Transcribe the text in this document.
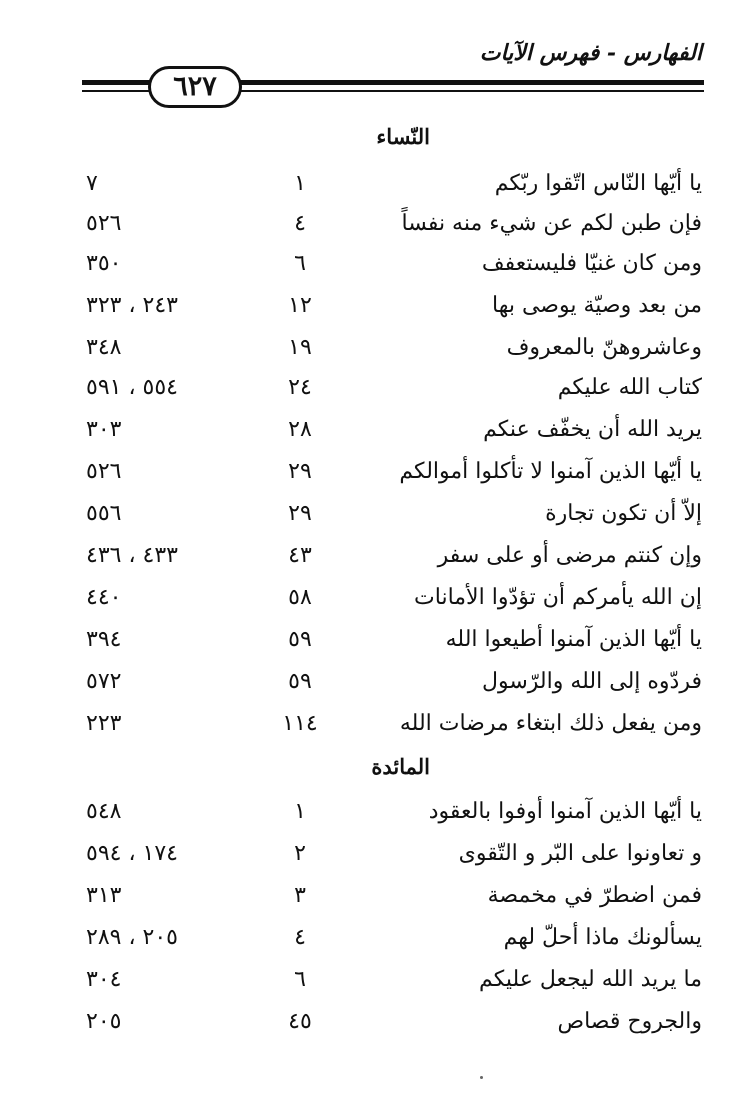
الفهارس - فهرس الآيات
٦٢٧
النّساء
يا أيّها النّاس اتّقوا ربّكم
١
٧
فإن طبن لكم عن شيء منه نفساً
٤
٥٢٦
ومن كان غنيّا فليستعفف
٦
٣٥٠
من بعد وصيّة يوصى بها
١٢
٢٤٣ ، ٣٢٣
وعاشروهنّ بالمعروف
١٩
٣٤٨
كتاب الله عليكم
٢٤
٥٥٤ ، ٥٩١
يريد الله أن يخفّف عنكم
٢٨
٣٠٣
يا أيّها الذين آمنوا لا تأكلوا أموالكم
٢٩
٥٢٦
إلاّ أن تكون تجارة
٢٩
٥٥٦
وإن كنتم مرضى أو على سفر
٤٣
٤٣٣ ، ٤٣٦
إن الله يأمركم أن تؤدّوا الأمانات
٥٨
٤٤٠
يا أيّها الذين آمنوا أطيعوا الله
٥٩
٣٩٤
فردّوه إلى الله والرّسول
٥٩
٥٧٢
ومن يفعل ذلك ابتغاء مرضات الله
١١٤
٢٢٣
المائدة
يا أيّها الذين آمنوا أوفوا بالعقود
١
٥٤٨
و تعاونوا على البّر و التّقوى
٢
١٧٤ ، ٥٩٤
فمن اضطرّ في مخمصة
٣
٣١٣
يسألونك ماذا أحلّ لهم
٤
٢٠٥ ، ٢٨٩
ما يريد الله ليجعل عليكم
٦
٣٠٤
والجروح قصاص
٤٥
٢٠٥
